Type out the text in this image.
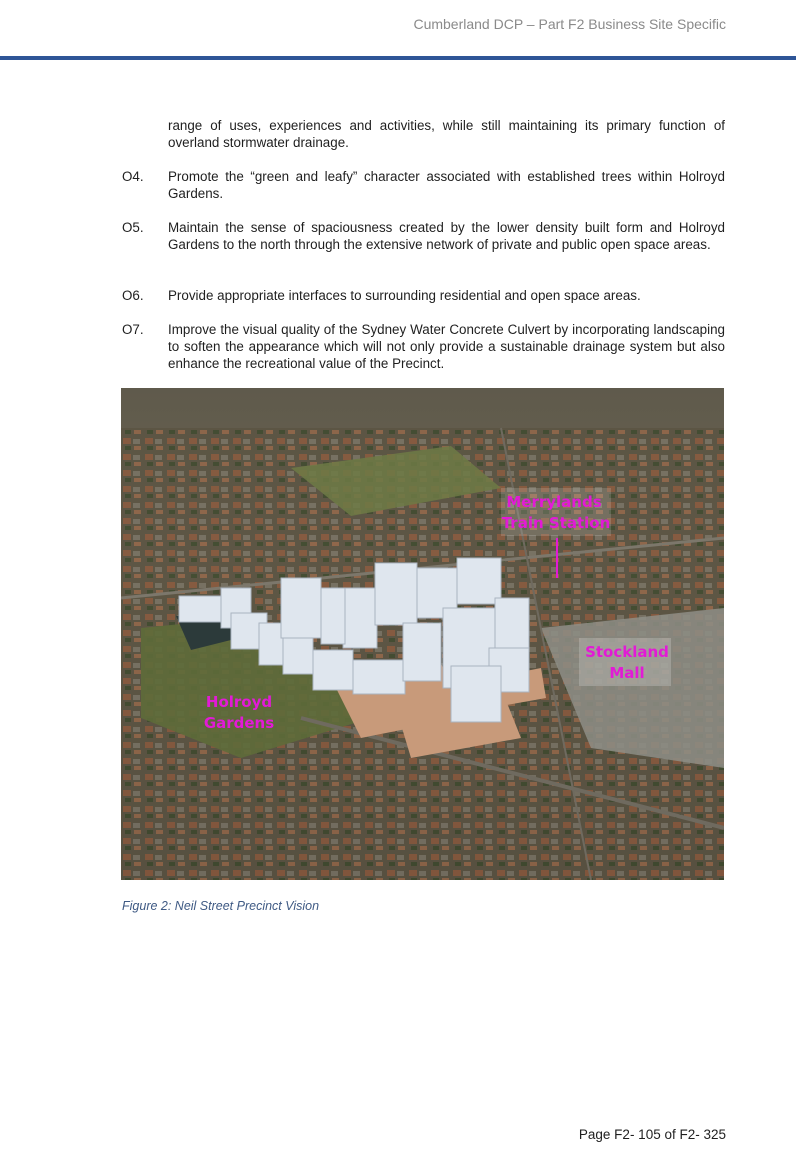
Cumberland DCP – Part F2 Business Site Specific
range of uses, experiences and activities, while still maintaining its primary function of overland stormwater drainage.
O4. Promote the “green and leafy” character associated with established trees within Holroyd Gardens.
O5. Maintain the sense of spaciousness created by the lower density built form and Holroyd Gardens to the north through the extensive network of private and public open space areas.
O6. Provide appropriate interfaces to surrounding residential and open space areas.
O7. Improve the visual quality of the Sydney Water Concrete Culvert by incorporating landscaping to soften the appearance which will not only provide a sustainable drainage system but also enhance the recreational value of the Precinct.
Merrylands
Train Station
Stockland
Mall
Holroyd
Gardens
Figure 2: Neil Street Precinct Vision
Page F2- 105 of F2- 325
